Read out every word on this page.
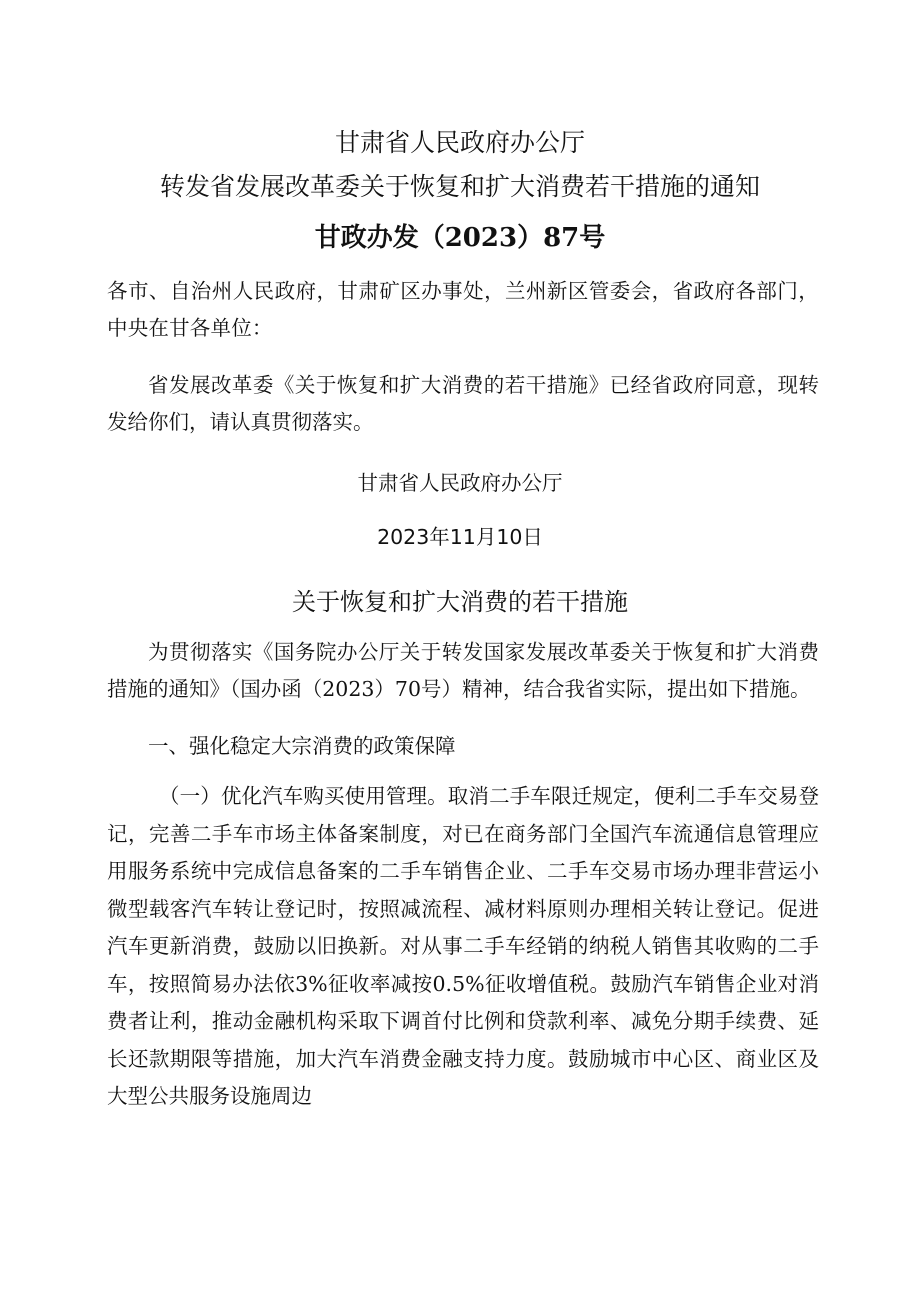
甘肃省人民政府办公厅
转发省发展改革委关于恢复和扩大消费若干措施的通知
甘政办发（2023）87号
各市、自治州人民政府，甘肃矿区办事处，兰州新区管委会，省政府各部门，中央在甘各单位：
省发展改革委《关于恢复和扩大消费的若干措施》已经省政府同意，现转发给你们，请认真贯彻落实。
甘肃省人民政府办公厅
2023年11月10日
关于恢复和扩大消费的若干措施
为贯彻落实《国务院办公厅关于转发国家发展改革委关于恢复和扩大消费措施的通知》（国办函（2023）70号）精神，结合我省实际，提出如下措施。
一、强化稳定大宗消费的政策保障
（一）优化汽车购买使用管理。取消二手车限迁规定，便利二手车交易登记，完善二手车市场主体备案制度，对已在商务部门全国汽车流通信息管理应用服务系统中完成信息备案的二手车销售企业、二手车交易市场办理非营运小微型载客汽车转让登记时，按照减流程、减材料原则办理相关转让登记。促进汽车更新消费，鼓励以旧换新。对从事二手车经销的纳税人销售其收购的二手车，按照简易办法依3%征收率减按0.5%征收增值税。鼓励汽车销售企业对消费者让利，推动金融机构采取下调首付比例和贷款利率、减免分期手续费、延长还款期限等措施，加大汽车消费金融支持力度。鼓励城市中心区、商业区及大型公共服务设施周边
